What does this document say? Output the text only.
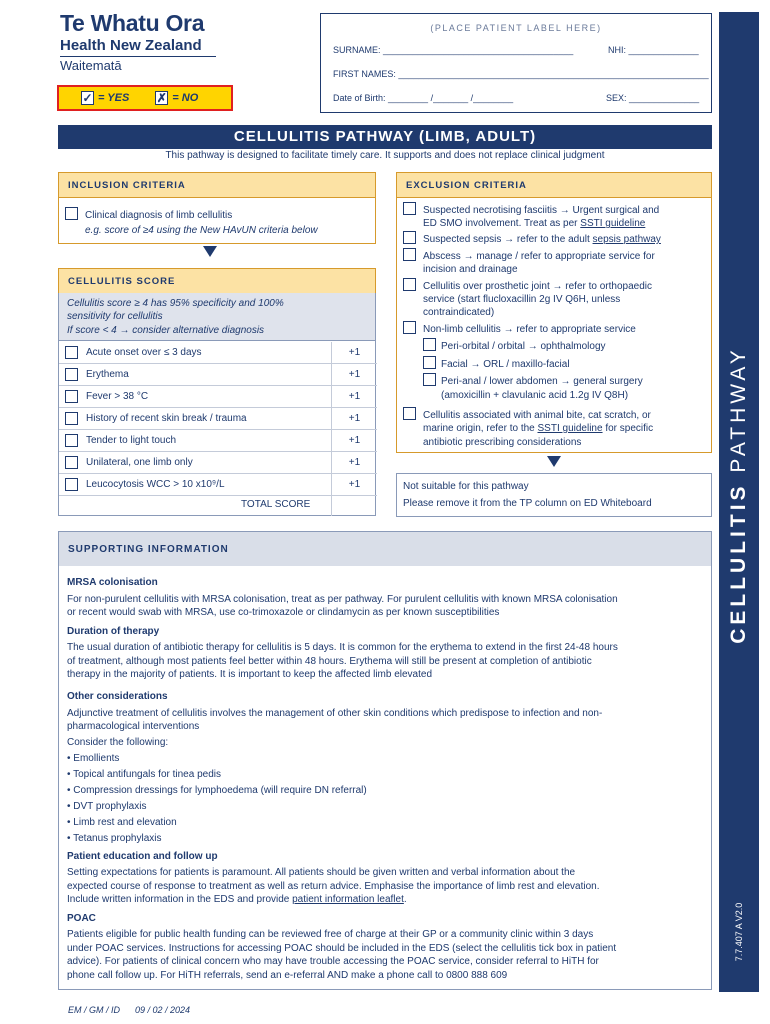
Te Whatu Ora
Health New Zealand
Waitematā
✓ = YES ✗ = NO
(PLACE PATIENT LABEL HERE)
SURNAME: ______________________________________	NHI: ______________
FIRST NAMES: ______________________________________________________________
Date of Birth: ________ /_______ /________	SEX: ______________
CELLULITIS PATHWAY
7.7.407 A V2.0
CELLULITIS PATHWAY (LIMB, ADULT)
This pathway is designed to facilitate timely care. It supports and does not replace clinical judgment
INCLUSION CRITERIA
Clinical diagnosis of limb cellulitis
e.g. score of ≥4 using the New HAvUN criteria below
CELLULITIS SCORE
Cellulitis score ≥ 4 has 95% specificity and 100%
sensitivity for cellulitis
If score < 4 → consider alternative diagnosis
Acute onset over ≤ 3 days	+1
Erythema	+1
Fever > 38 °C	+1
History of recent skin break / trauma	+1
Tender to light touch	+1
Unilateral, one limb only	+1
Leucocytosis WCC > 10 x10⁹/L	+1
TOTAL SCORE
EXCLUSION CRITERIA
Suspected necrotising fasciitis → Urgent surgical and
ED SMO involvement. Treat as per SSTI guideline
Suspected sepsis → refer to the adult sepsis pathway
Abscess → manage / refer to appropriate service for
incision and drainage
Cellulitis over prosthetic joint → refer to orthopaedic
service (start flucloxacillin 2g IV Q6H, unless
contraindicated)
Non-limb cellulitis → refer to appropriate service
Peri-orbital / orbital → ophthalmology
Facial → ORL / maxillo-facial
Peri-anal / lower abdomen → general surgery
(amoxicillin + clavulanic acid 1.2g IV Q8H)
Cellulitis associated with animal bite, cat scratch, or
marine origin, refer to the SSTI guideline for specific
antibiotic prescribing considerations
Not suitable for this pathway
Please remove it from the TP column on ED Whiteboard
SUPPORTING INFORMATION
MRSA colonisation
For non-purulent cellulitis with MRSA colonisation, treat as per pathway. For purulent cellulitis with known MRSA colonisation
or recent would swab with MRSA, use co-trimoxazole or clindamycin as per known susceptibilities
Duration of therapy
The usual duration of antibiotic therapy for cellulitis is 5 days. It is common for the erythema to extend in the first 24-48 hours
of treatment, although most patients feel better within 48 hours. Erythema will still be present at completion of antibiotic
therapy in the majority of patients. It is important to keep the affected limb elevated
Other considerations
Adjunctive treatment of cellulitis involves the management of other skin conditions which predispose to infection and non-
pharmacological interventions
Consider the following:
• Emollients
• Topical antifungals for tinea pedis
• Compression dressings for lymphoedema (will require DN referral)
• DVT prophylaxis
• Limb rest and elevation
• Tetanus prophylaxis
Patient education and follow up
Setting expectations for patients is paramount. All patients should be given written and verbal information about the
expected course of response to treatment as well as return advice. Emphasise the importance of limb rest and elevation.
Include written information in the EDS and provide patient information leaflet.
POAC
Patients eligible for public health funding can be reviewed free of charge at their GP or a community clinic within 3 days
under POAC services. Instructions for accessing POAC should be included in the EDS (select the cellulitis tick box in patient
advice). For patients of clinical concern who may have trouble accessing the POAC service, consider referral to HiTH for
phone call follow up. For HiTH referrals, send an e-referral AND make a phone call to 0800 888 609
EM / GM / ID      09 / 02 / 2024
